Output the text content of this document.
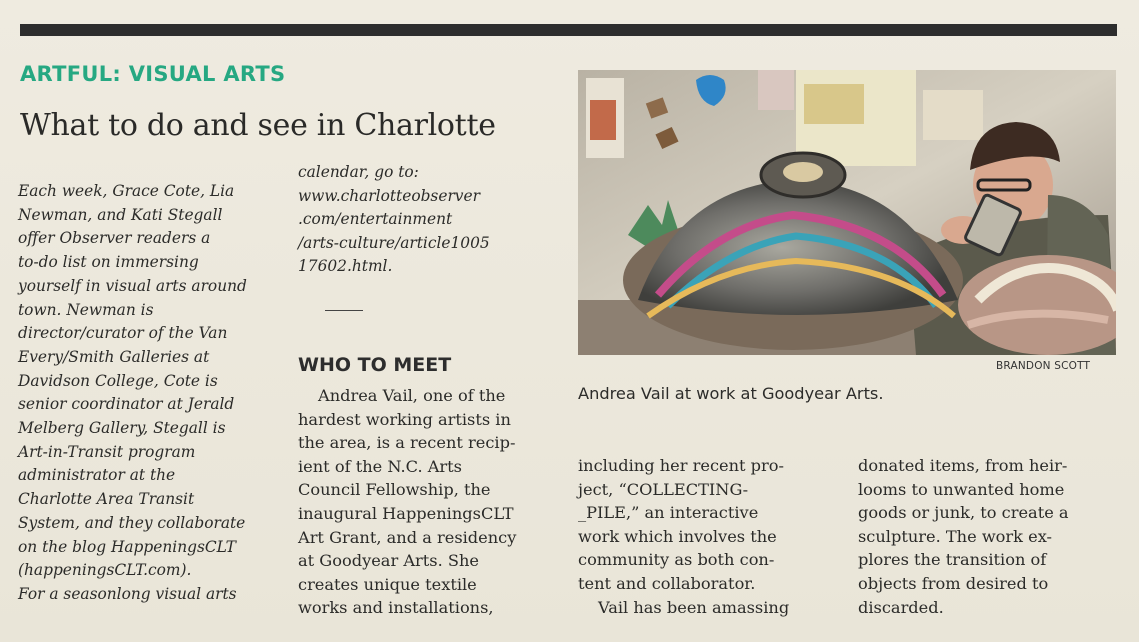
ARTFUL: VISUAL ARTS
What to do and see in Charlotte

Each week, Grace Cote, Lia
Newman, and Kati Stegall
offer Observer readers a
to-do list on immersing
yourself in visual arts around
town. Newman is
director/curator of the Van
Every/Smith Galleries at
Davidson College, Cote is
senior coordinator at Jerald
Melberg Gallery, Stegall is
Art-in-Transit program
administrator at the
Charlotte Area Transit
System, and they collaborate
on the blog HappeningsCLT
(happeningsCLT.com).
For a seasonlong visual arts

calendar, go to:
www.charlotteobserver
.com/entertainment
/arts-culture/article1005
17602.html.

WHO TO MEET

Andrea Vail, one of the
hardest working artists in
the area, is a recent recip-
ient of the N.C. Arts
Council Fellowship, the
inaugural HappeningsCLT
Art Grant, and a residency
at Goodyear Arts. She
creates unique textile
works and installations,

BRANDON SCOTT
Andrea Vail at work at Goodyear Arts.

including her recent pro-
ject, “COLLECTING-
_PILE,” an interactive
work which involves the
community as both con-
tent and collaborator.
Vail has been amassing

donated items, from heir-
looms to unwanted home
goods or junk, to create a
sculpture. The work ex-
plores the transition of
objects from desired to
discarded.
